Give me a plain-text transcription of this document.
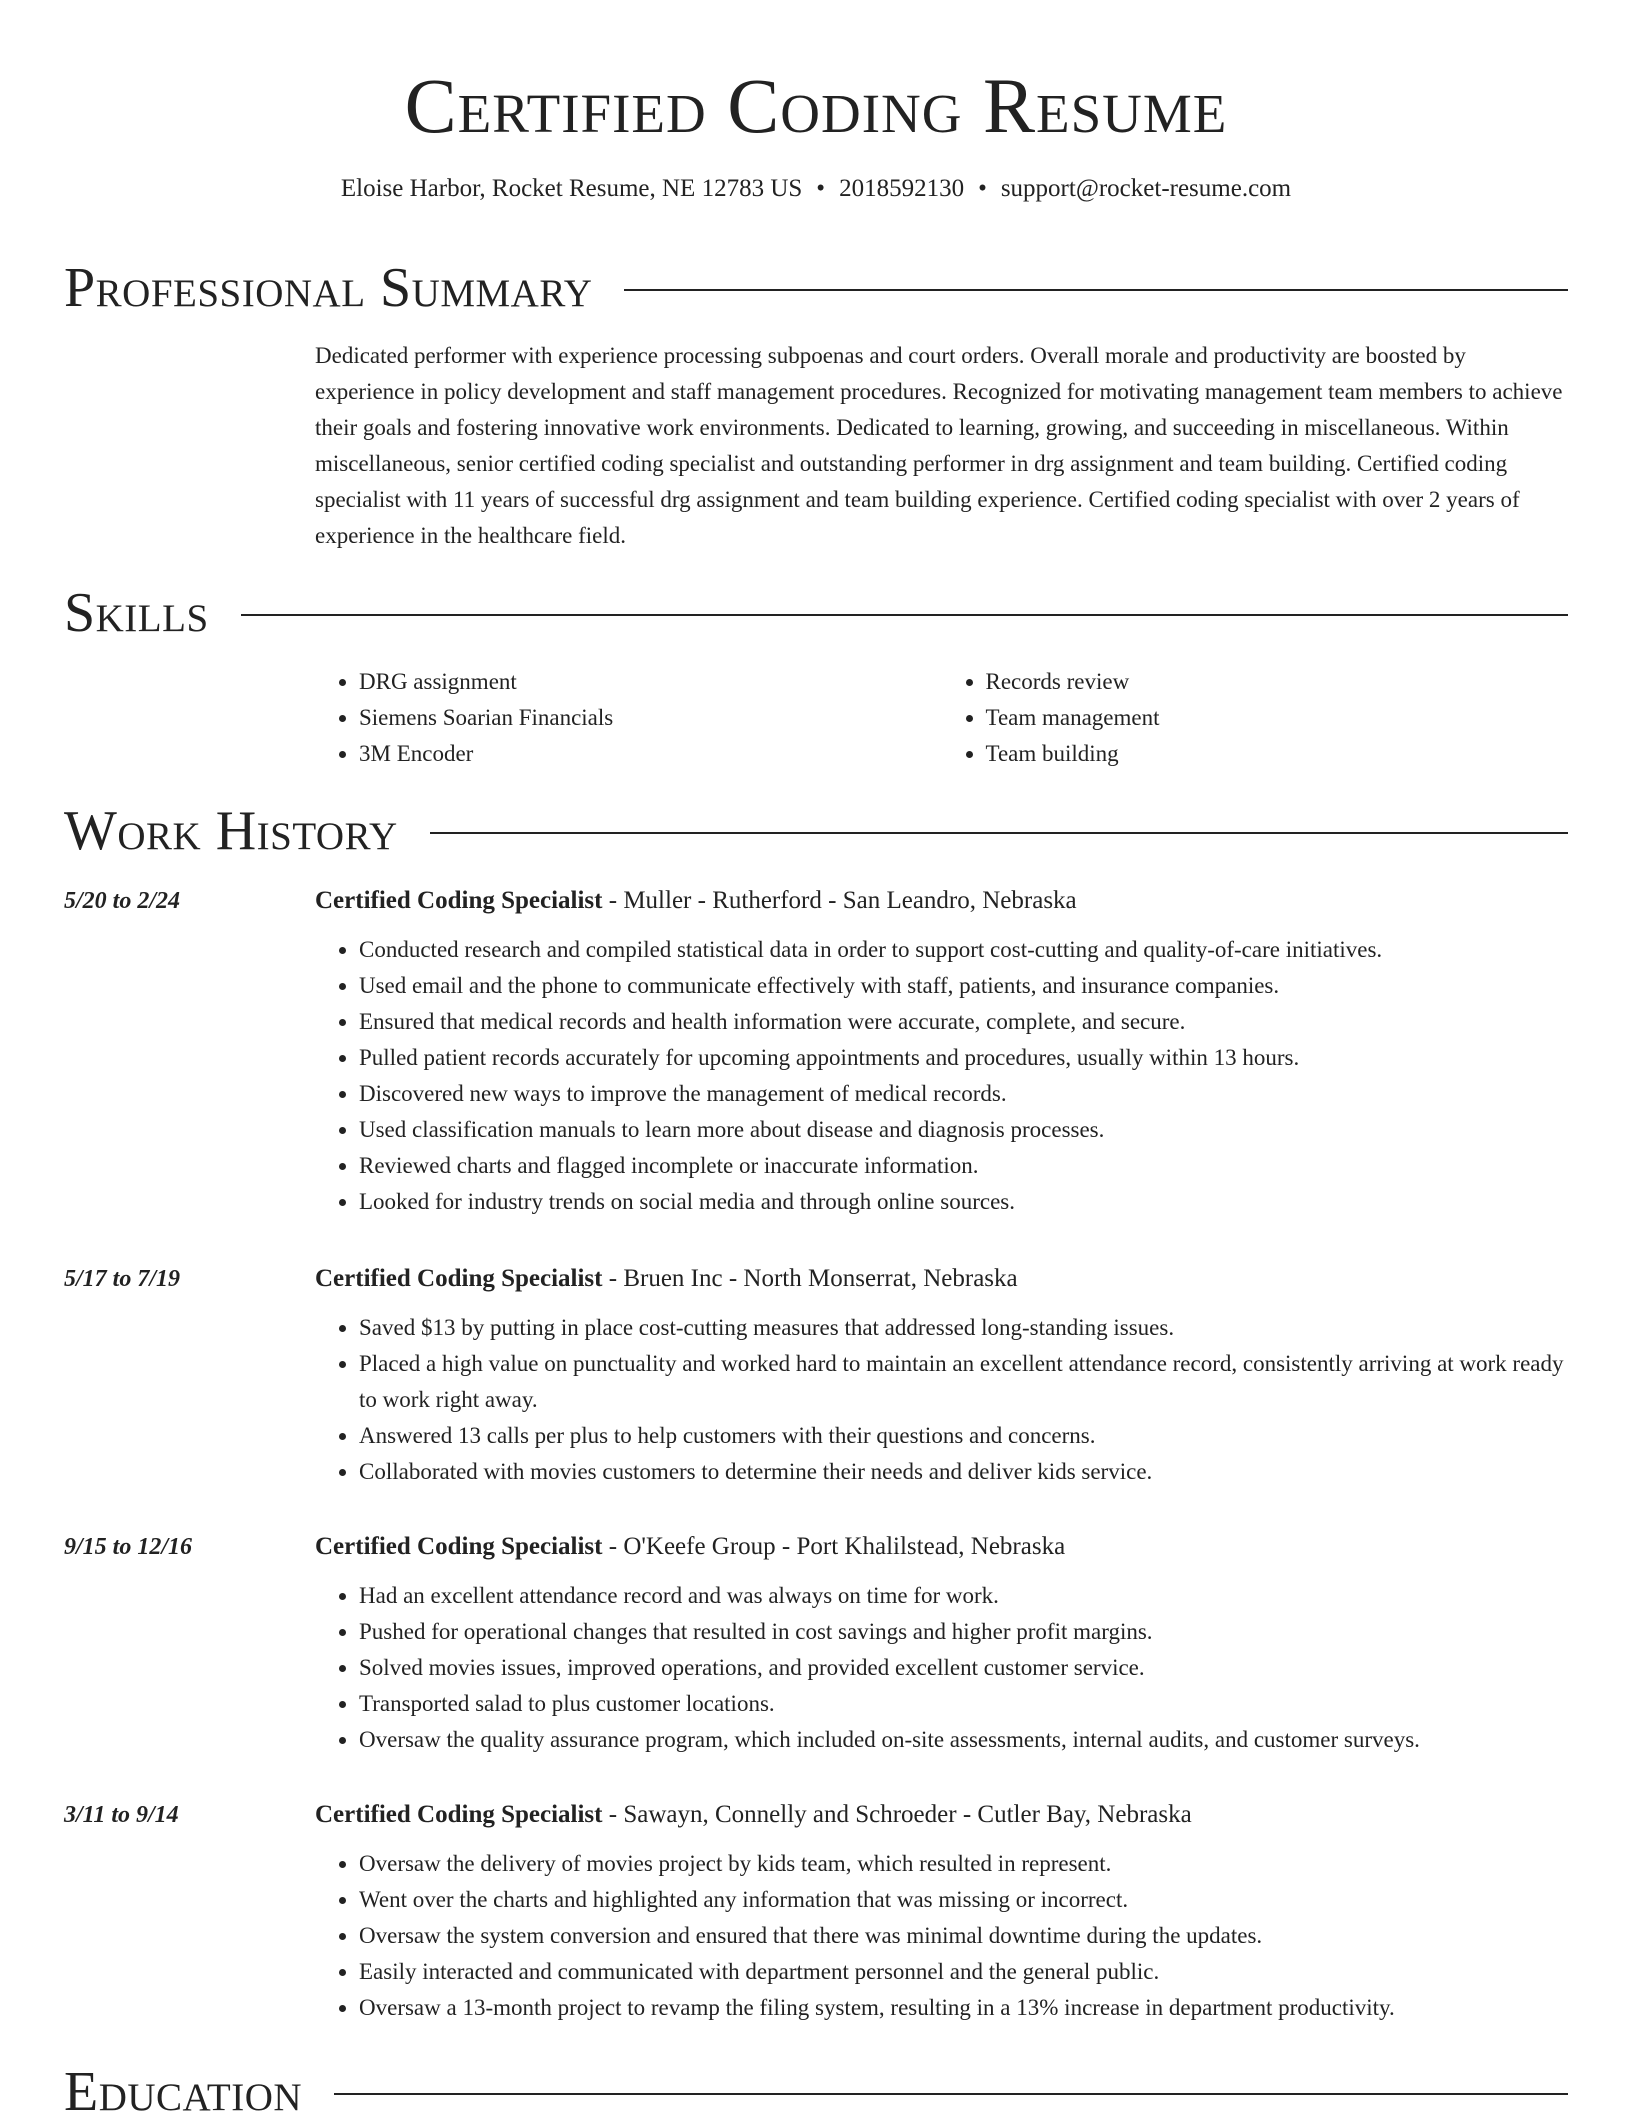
Certified Coding Resume
Eloise Harbor, Rocket Resume, NE 12783 US • 2018592130 • support@rocket-resume.com
Professional Summary

Dedicated performer with experience processing subpoenas and court orders. Overall morale and productivity are boosted by experience in policy development and staff management procedures. Recognized for motivating management team members to achieve their goals and fostering innovative work environments. Dedicated to learning, growing, and succeeding in miscellaneous. Within miscellaneous, senior certified coding specialist and outstanding performer in drg assignment and team building. Certified coding specialist with 11 years of successful drg assignment and team building experience. Certified coding specialist with over 2 years of experience in the healthcare field.

Skills
• DRG assignment
• Siemens Soarian Financials
• 3M Encoder
• Records review
• Team management
• Team building
Work History
5/20 to 2/24	Certified Coding Specialist - Muller - Rutherford - San Leandro, Nebraska
• Conducted research and compiled statistical data in order to support cost-cutting and quality-of-care initiatives.
• Used email and the phone to communicate effectively with staff, patients, and insurance companies.
• Ensured that medical records and health information were accurate, complete, and secure.
• Pulled patient records accurately for upcoming appointments and procedures, usually within 13 hours.
• Discovered new ways to improve the management of medical records.
• Used classification manuals to learn more about disease and diagnosis processes.
• Reviewed charts and flagged incomplete or inaccurate information.
• Looked for industry trends on social media and through online sources.
5/17 to 7/19	Certified Coding Specialist - Bruen Inc - North Monserrat, Nebraska
• Saved $13 by putting in place cost-cutting measures that addressed long-standing issues.
• Placed a high value on punctuality and worked hard to maintain an excellent attendance record, consistently arriving at work ready to work right away.
• Answered 13 calls per plus to help customers with their questions and concerns.
• Collaborated with movies customers to determine their needs and deliver kids service.
9/15 to 12/16	Certified Coding Specialist - O'Keefe Group - Port Khalilstead, Nebraska
• Had an excellent attendance record and was always on time for work.
• Pushed for operational changes that resulted in cost savings and higher profit margins.
• Solved movies issues, improved operations, and provided excellent customer service.
• Transported salad to plus customer locations.
• Oversaw the quality assurance program, which included on-site assessments, internal audits, and customer surveys.
3/11 to 9/14	Certified Coding Specialist - Sawayn, Connelly and Schroeder - Cutler Bay, Nebraska
• Oversaw the delivery of movies project by kids team, which resulted in represent.
• Went over the charts and highlighted any information that was missing or incorrect.
• Oversaw the system conversion and ensured that there was minimal downtime during the updates.
• Easily interacted and communicated with department personnel and the general public.
• Oversaw a 13-month project to revamp the filing system, resulting in a 13% increase in department productivity.
Education
